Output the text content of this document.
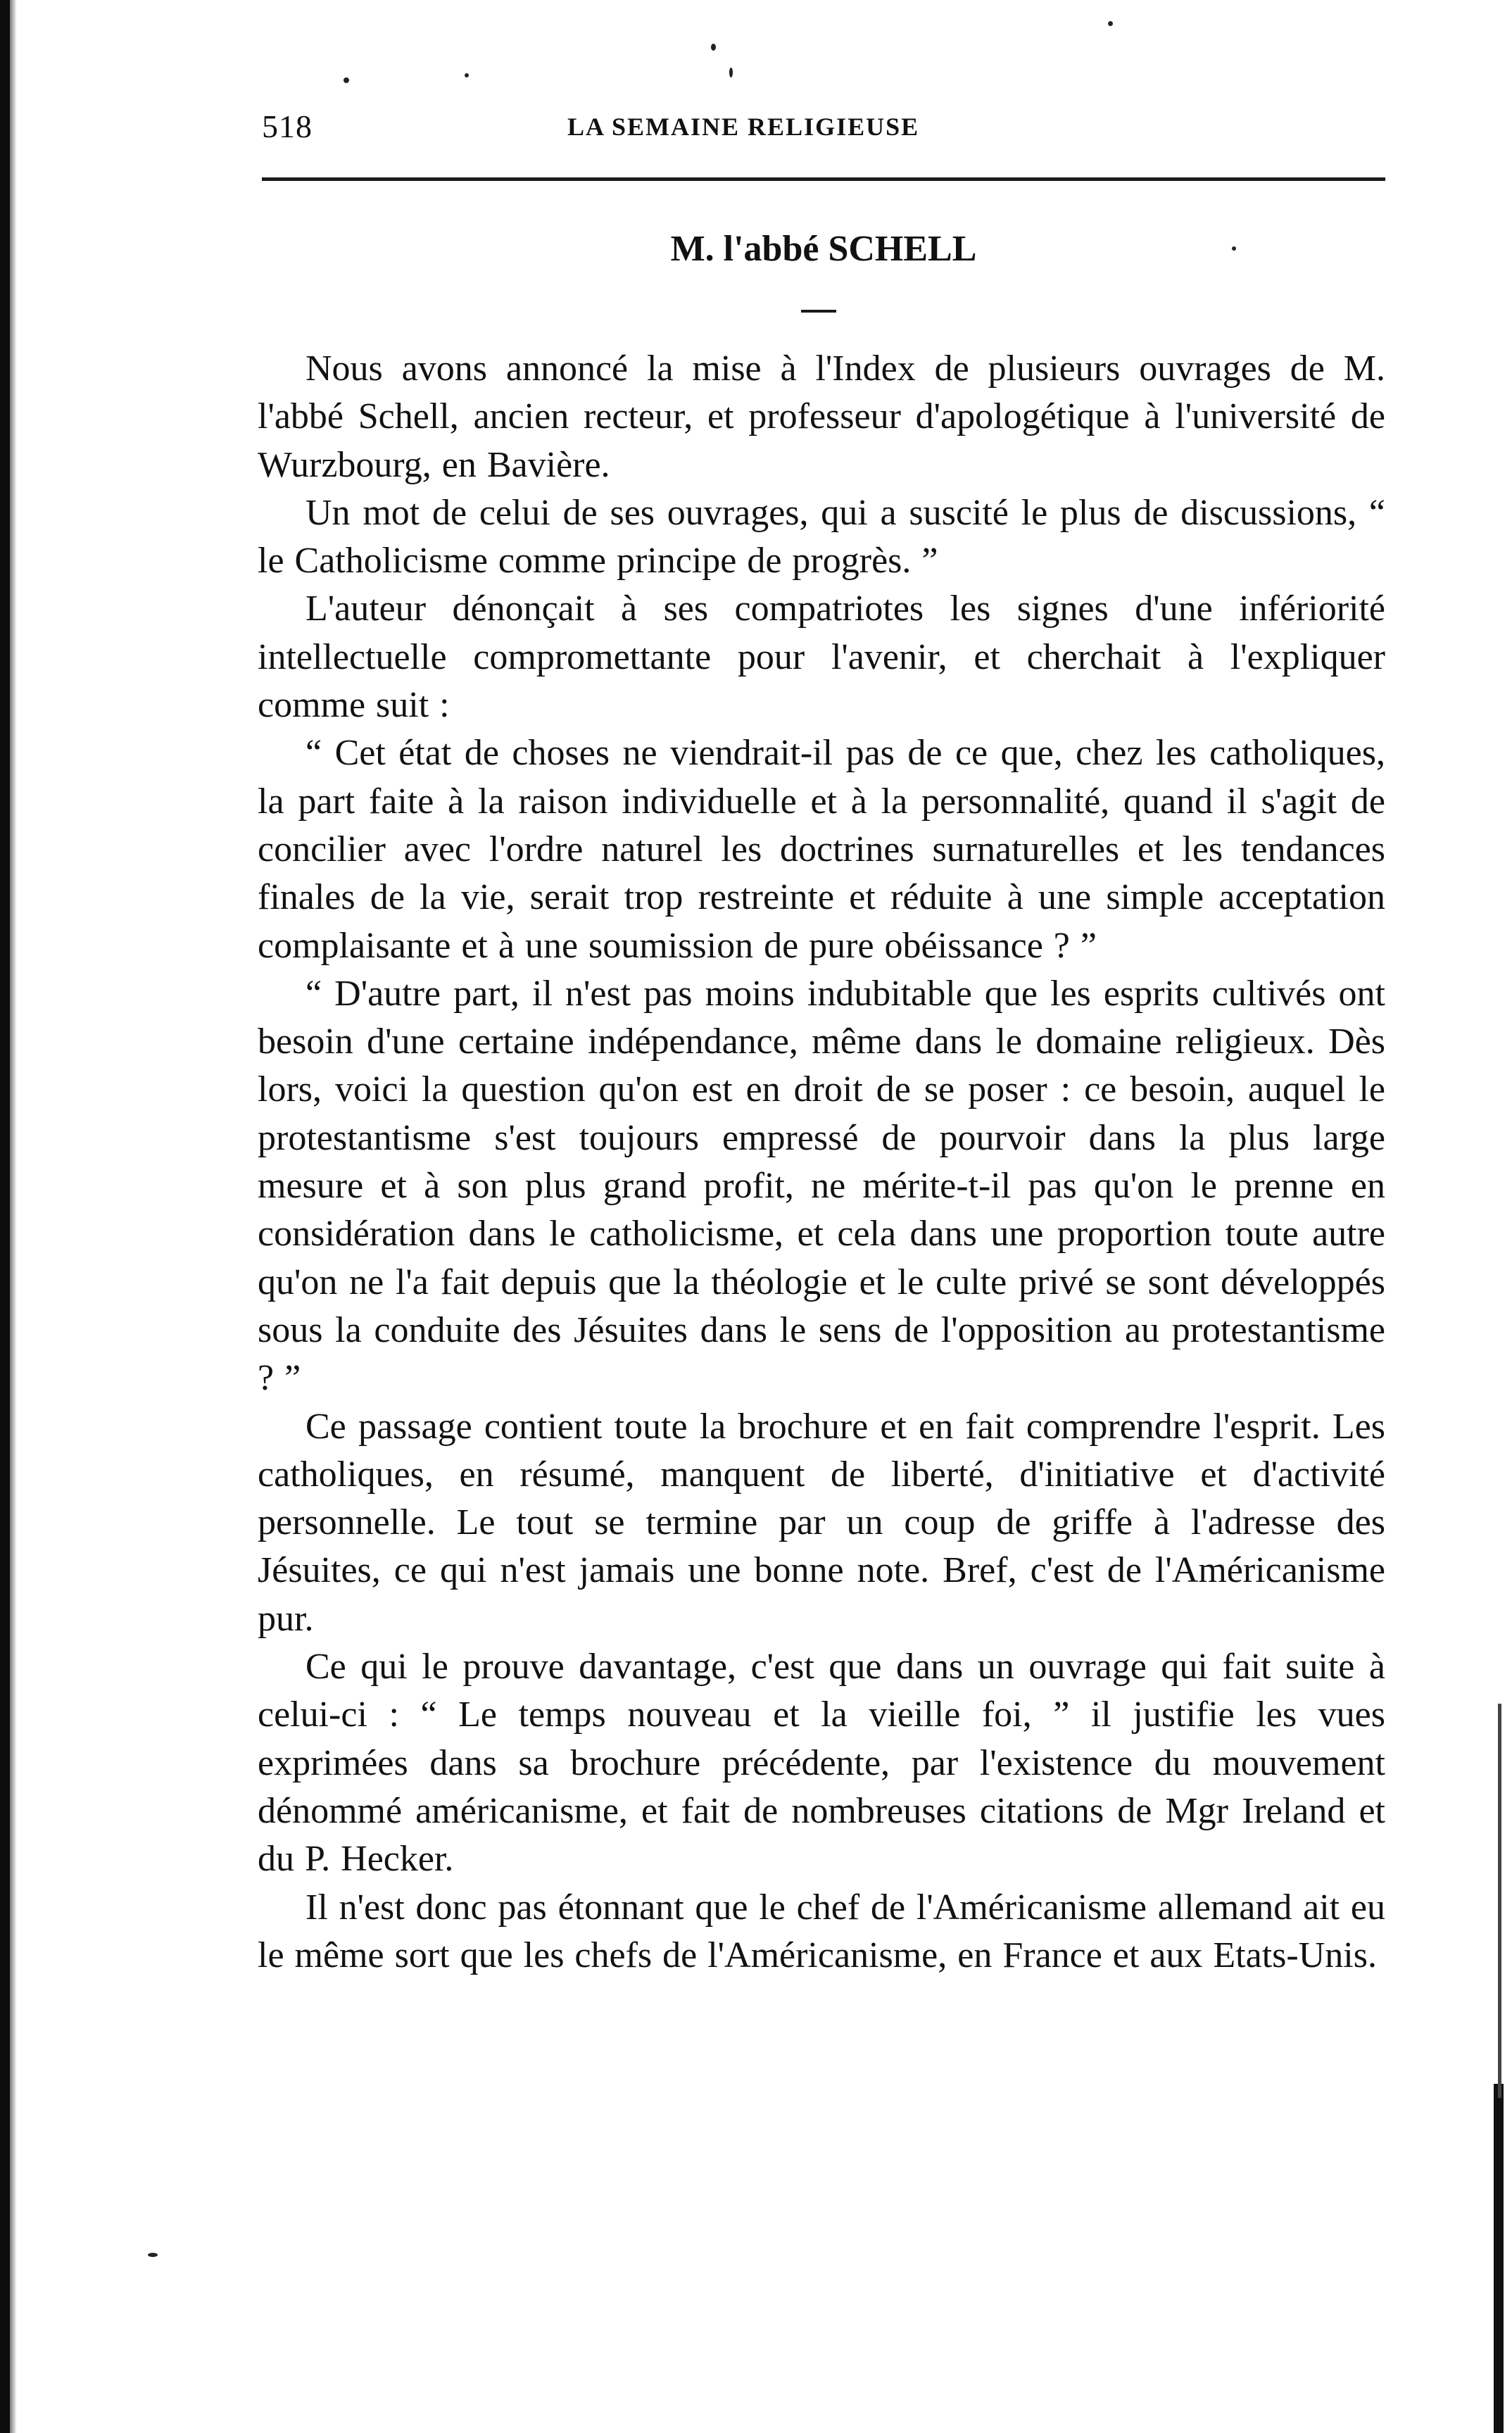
518	LA SEMAINE RELIGIEUSE
M. l'abbé SCHELL

Nous avons annoncé la mise à l'Index de plusieurs ouvrages de M. l'abbé Schell, ancien recteur, et professeur d'apologétique à l'université de Wurzbourg, en Bavière.

Un mot de celui de ses ouvrages, qui a suscité le plus de discussions, “ le Catholicisme comme principe de progrès. ”

L'auteur dénonçait à ses compatriotes les signes d'une infériorité intellectuelle compromettante pour l'avenir, et cherchait à l'expliquer comme suit :

“ Cet état de choses ne viendrait-il pas de ce que, chez les catholiques, la part faite à la raison individuelle et à la personnalité, quand il s'agit de concilier avec l'ordre naturel les doctrines surnaturelles et les tendances finales de la vie, serait trop restreinte et réduite à une simple acceptation complaisante et à une soumission de pure obéissance ? ”

“ D'autre part, il n'est pas moins indubitable que les esprits cultivés ont besoin d'une certaine indépendance, même dans le domaine religieux. Dès lors, voici la question qu'on est en droit de se poser : ce besoin, auquel le protestantisme s'est toujours empressé de pourvoir dans la plus large mesure et à son plus grand profit, ne mérite-t-il pas qu'on le prenne en considération dans le catholicisme, et cela dans une proportion toute autre qu'on ne l'a fait depuis que la théologie et le culte privé se sont développés sous la conduite des Jésuites dans le sens de l'opposition au protestantisme ? ”

Ce passage contient toute la brochure et en fait comprendre l'esprit. Les catholiques, en résumé, manquent de liberté, d'initiative et d'activité personnelle. Le tout se termine par un coup de griffe à l'adresse des Jésuites, ce qui n'est jamais une bonne note. Bref, c'est de l'Américanisme pur.

Ce qui le prouve davantage, c'est que dans un ouvrage qui fait suite à celui-ci : “ Le temps nouveau et la vieille foi, ” il justifie les vues exprimées dans sa brochure précédente, par l'existence du mouvement dénommé américanisme, et fait de nombreuses citations de Mgr Ireland et du P. Hecker.

Il n'est donc pas étonnant que le chef de l'Américanisme allemand ait eu le même sort que les chefs de l'Américanisme, en France et aux Etats-Unis.
